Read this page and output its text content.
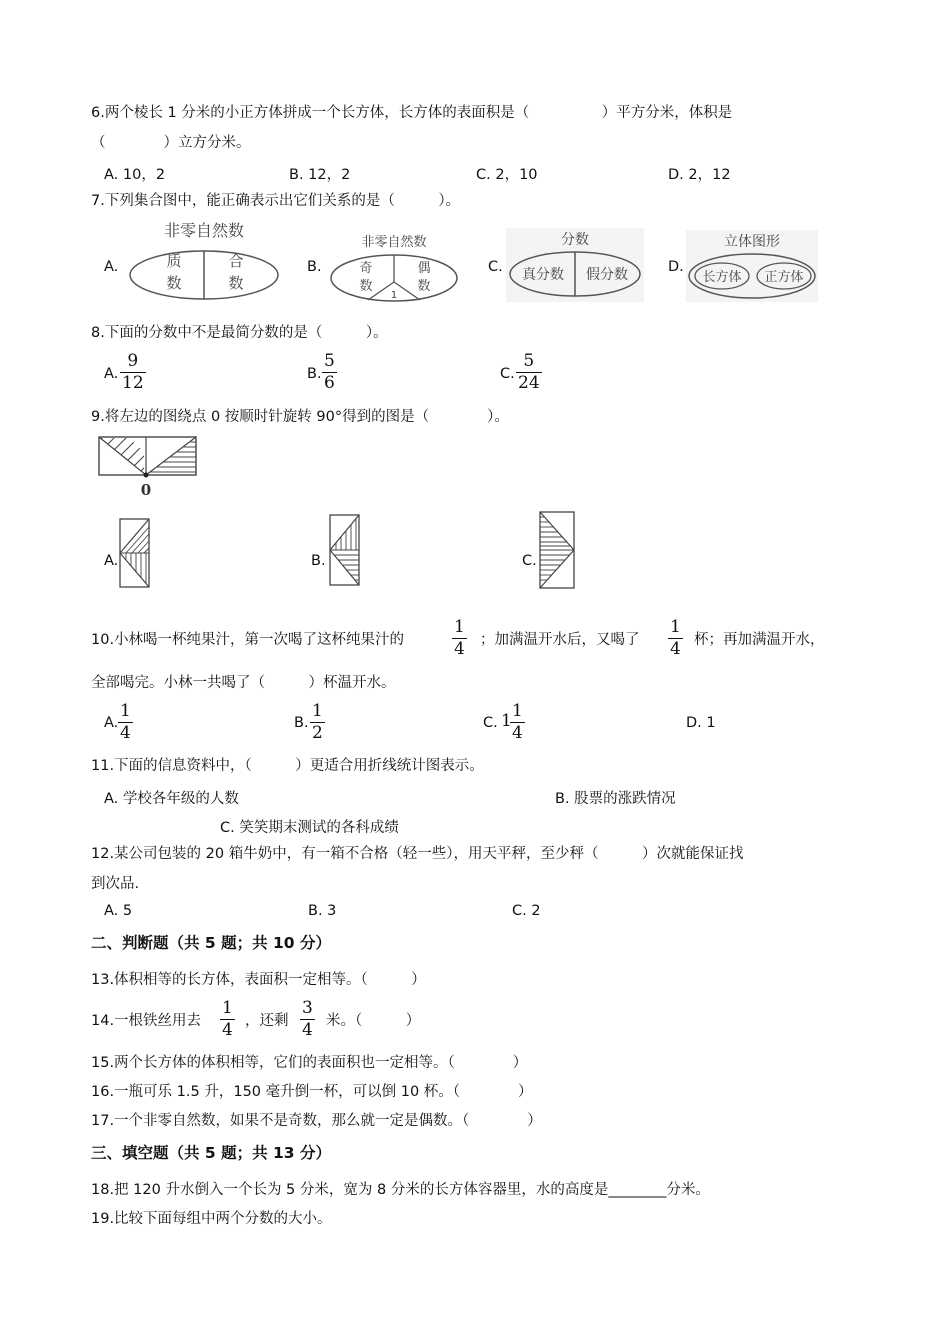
6.两个棱长 1 分米的小正方体拼成一个长方体，长方体的表面积是（　　　　　）平方分米，体积是
（　　　　）立方分米。
A. 10，2	B. 12，2	C. 2，10	D. 2，12
7.下列集合图中，能正确表示出它们关系的是（　　　）。
A.	B.	C.	D.
非零自然数
质
数
合
数
非零自然数
奇
数
偶
数
1
分数
真分数 假分数
立体图形
长方体 正方体
8.下面的分数中不是最简分数的是（　　　）。
A.
9
12	B.
5
6	C.
5
24
9.将左边的图绕点 0 按顺时针旋转 90°得到的图是（　　　　）。
0
A.	B.	C.
10.小林喝一杯纯果汁，第一次喝了这杯纯果汁的
1
4 ；加满温开水后，又喝了
1
4 杯；再加满温开水，
全部喝完。小林一共喝了（　　　）杯温开水。
A.
1
4	B.
1
2	C. 1 1
4	D. 1
11.下面的信息资料中，（　　　）更适合用折线统计图表示。
A. 学校各年级的人数	B. 股票的涨跌情况
C. 笑笑期末测试的各科成绩
12.某公司包装的 20 箱牛奶中，有一箱不合格（轻一些），用天平秤，至少秤（　　　）次就能保证找
到次品.
A. 5	B. 3	C. 2
二、判断题（共 5 题；共 10 分）
13.体积相等的长方体，表面积一定相等。（　　　）
14.一根铁丝用去
1
4 ，还剩
3
4 米。（　　　）
15.两个长方体的体积相等，它们的表面积也一定相等。（　　　　）
16.一瓶可乐 1.5 升，150 毫升倒一杯，可以倒 10 杯。（　　　　）
17.一个非零自然数，如果不是奇数，那么就一定是偶数。（　　　　）
三、填空题（共 5 题；共 13 分）
18.把 120 升水倒入一个长为 5 分米，宽为 8 分米的长方体容器里，水的高度是________分米。
19.比较下面每组中两个分数的大小。
